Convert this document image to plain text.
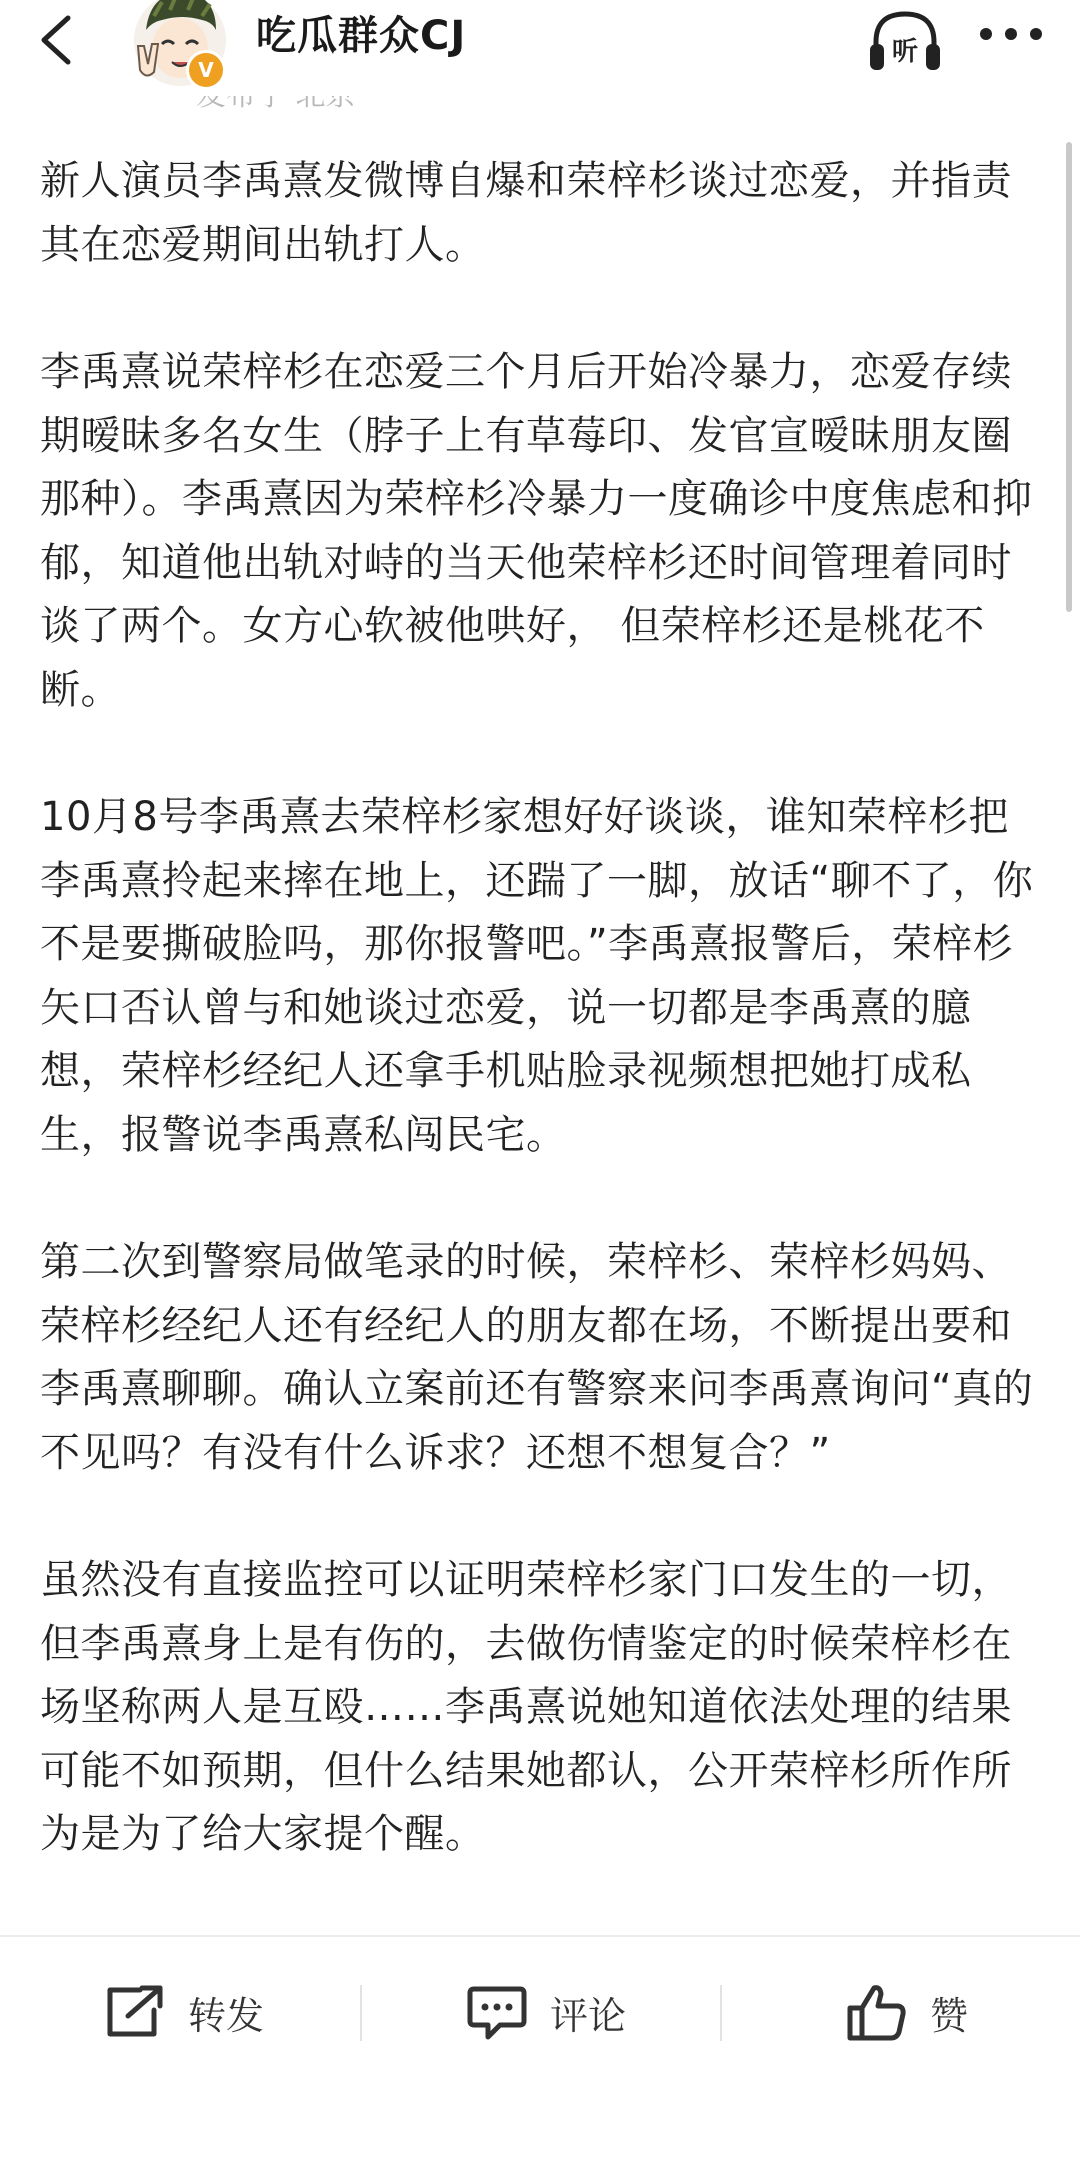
V
吃瓜群众CJ	听

新人演员李禹熹发微博自爆和荣梓杉谈过恋爱，并指责其在恋爱期间出轨打人。

李禹熹说荣梓杉在恋爱三个月后开始冷暴力，恋爱存续期暧昧多名女生（脖子上有草莓印、发官宣暧昧朋友圈那种）。李禹熹因为荣梓杉冷暴力一度确诊中度焦虑和抑郁，知道他出轨对峙的当天他荣梓杉还时间管理着同时谈了两个。女方心软被他哄好， 但荣梓杉还是桃花不断。

10月8号李禹熹去荣梓杉家想好好谈谈，谁知荣梓杉把李禹熹拎起来摔在地上，还踹了一脚，放话“聊不了，你不是要撕破脸吗，那你报警吧。”李禹熹报警后，荣梓杉矢口否认曾与和她谈过恋爱，说一切都是李禹熹的臆想，荣梓杉经纪人还拿手机贴脸录视频想把她打成私生，报警说李禹熹私闯民宅。

第二次到警察局做笔录的时候，荣梓杉、荣梓杉妈妈、荣梓杉经纪人还有经纪人的朋友都在场，不断提出要和李禹熹聊聊。确认立案前还有警察来问李禹熹询问“真的不见吗？有没有什么诉求？还想不想复合？”

虽然没有直接监控可以证明荣梓杉家门口发生的一切，但李禹熹身上是有伤的，去做伤情鉴定的时候荣梓杉在场坚称两人是互殴……李禹熹说她知道依法处理的结果可能不如预期，但什么结果她都认，公开荣梓杉所作所为是为了给大家提个醒。

转发	评论	赞
